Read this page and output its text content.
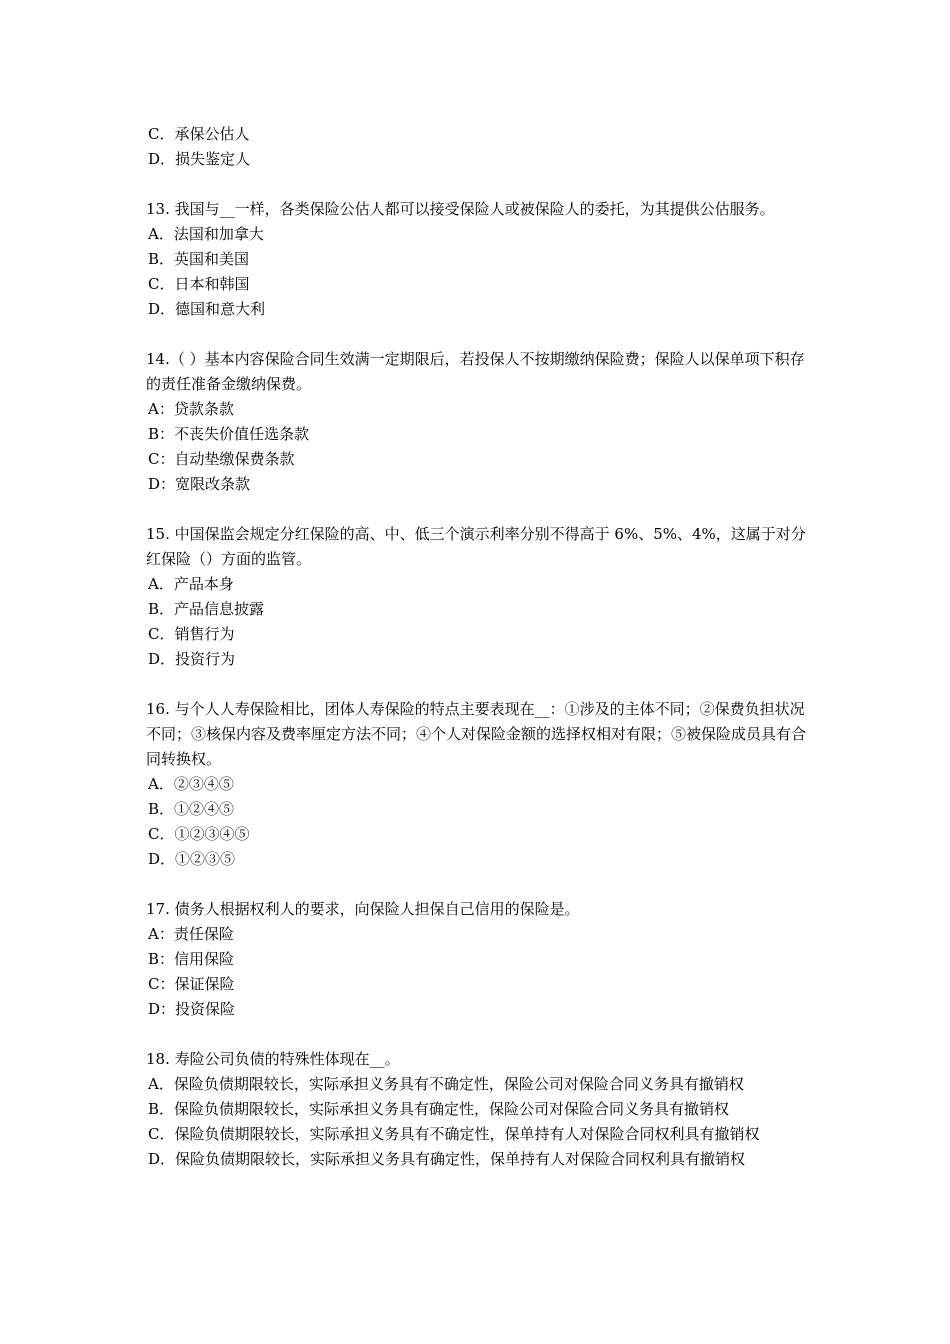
C．承保公估人
D．损失鉴定人
13. 我国与__一样，各类保险公估人都可以接受保险人或被保险人的委托，为其提供公估服务。
A．法国和加拿大
B．英国和美国
C．日本和韩国
D．德国和意大利
14.（ ）基本内容保险合同生效满一定期限后，若投保人不按期缴纳保险费；保险人以保单项下积存的责任准备金缴纳保费。
A：贷款条款
B：不丧失价值任选条款
C：自动垫缴保费条款
D：宽限改条款
15. 中国保监会规定分红保险的高、中、低三个演示利率分别不得高于 6%、5%、4%，这属于对分红保险（）方面的监管。
A．产品本身
B．产品信息披露
C．销售行为
D．投资行为
16. 与个人人寿保险相比，团体人寿保险的特点主要表现在__：①涉及的主体不同；②保费负担状况不同；③核保内容及费率厘定方法不同；④个人对保险金额的选择权相对有限；⑤被保险成员具有合同转换权。
A．②③④⑤
B．①②④⑤
C．①②③④⑤
D．①②③⑤
17. 债务人根据权利人的要求，向保险人担保自己信用的保险是。
A：责任保险
B：信用保险
C：保证保险
D：投资保险
18. 寿险公司负债的特殊性体现在__。
A．保险负债期限较长，实际承担义务具有不确定性，保险公司对保险合同义务具有撤销权
B．保险负债期限较长，实际承担义务具有确定性，保险公司对保险合同义务具有撤销权
C．保险负债期限较长，实际承担义务具有不确定性，保单持有人对保险合同权利具有撤销权
D．保险负债期限较长，实际承担义务具有确定性，保单持有人对保险合同权利具有撤销权
